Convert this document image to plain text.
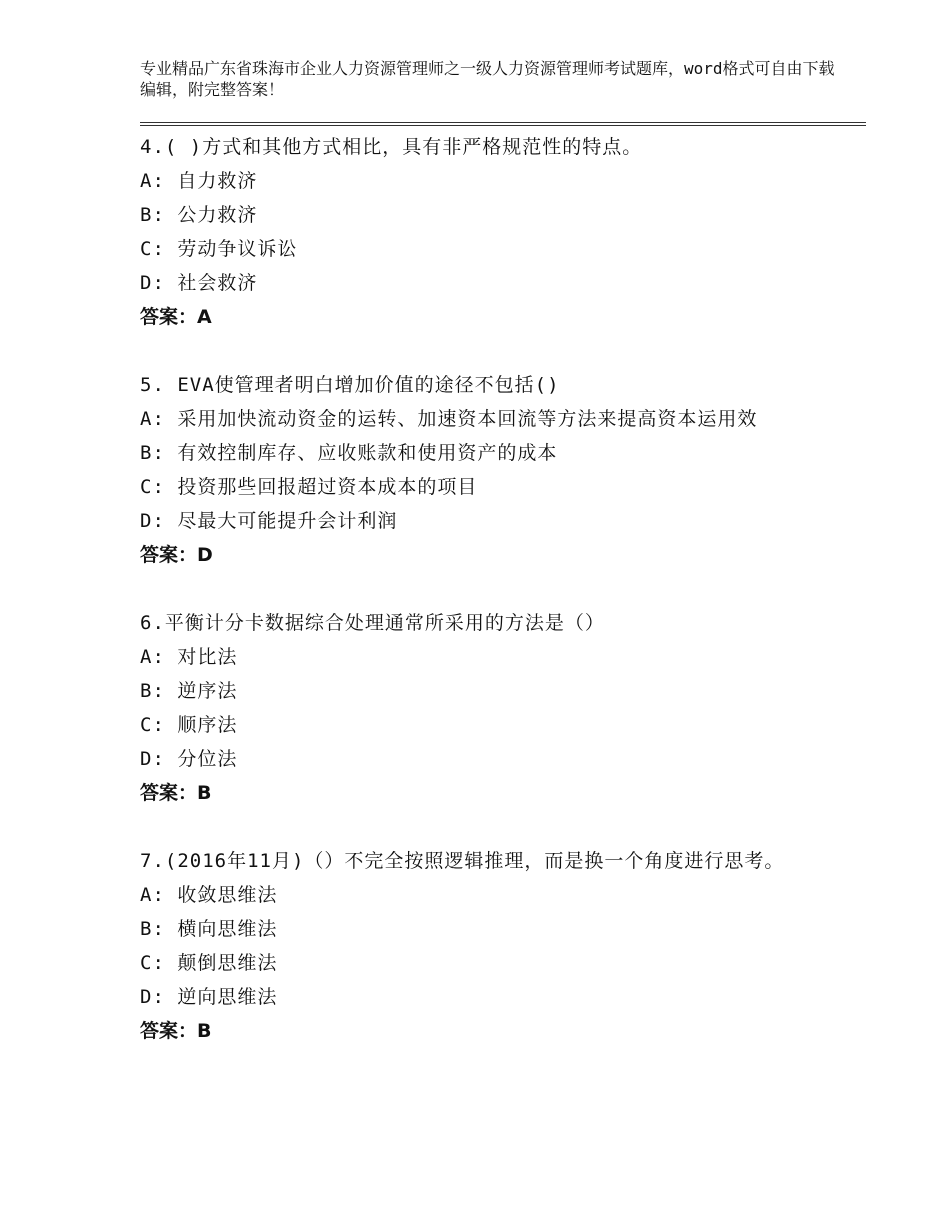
专业精品广东省珠海市企业人力资源管理师之一级人力资源管理师考试题库，word格式可自由下载编辑，附完整答案！
4.( )方式和其他方式相比，具有非严格规范性的特点。
A: 自力救济
B: 公力救济
C: 劳动争议诉讼
D: 社会救济
答案：A
5. EVA使管理者明白增加价值的途径不包括()
A: 采用加快流动资金的运转、加速资本回流等方法来提高资本运用效
B: 有效控制库存、应收账款和使用资产的成本
C: 投资那些回报超过资本成本的项目
D: 尽最大可能提升会计利润
答案：D
6.平衡计分卡数据综合处理通常所采用的方法是（）
A: 对比法
B: 逆序法
C: 顺序法
D: 分位法
答案：B
7.(2016年11月)（）不完全按照逻辑推理，而是换一个角度进行思考。
A: 收敛思维法
B: 横向思维法
C: 颠倒思维法
D: 逆向思维法
答案：B
